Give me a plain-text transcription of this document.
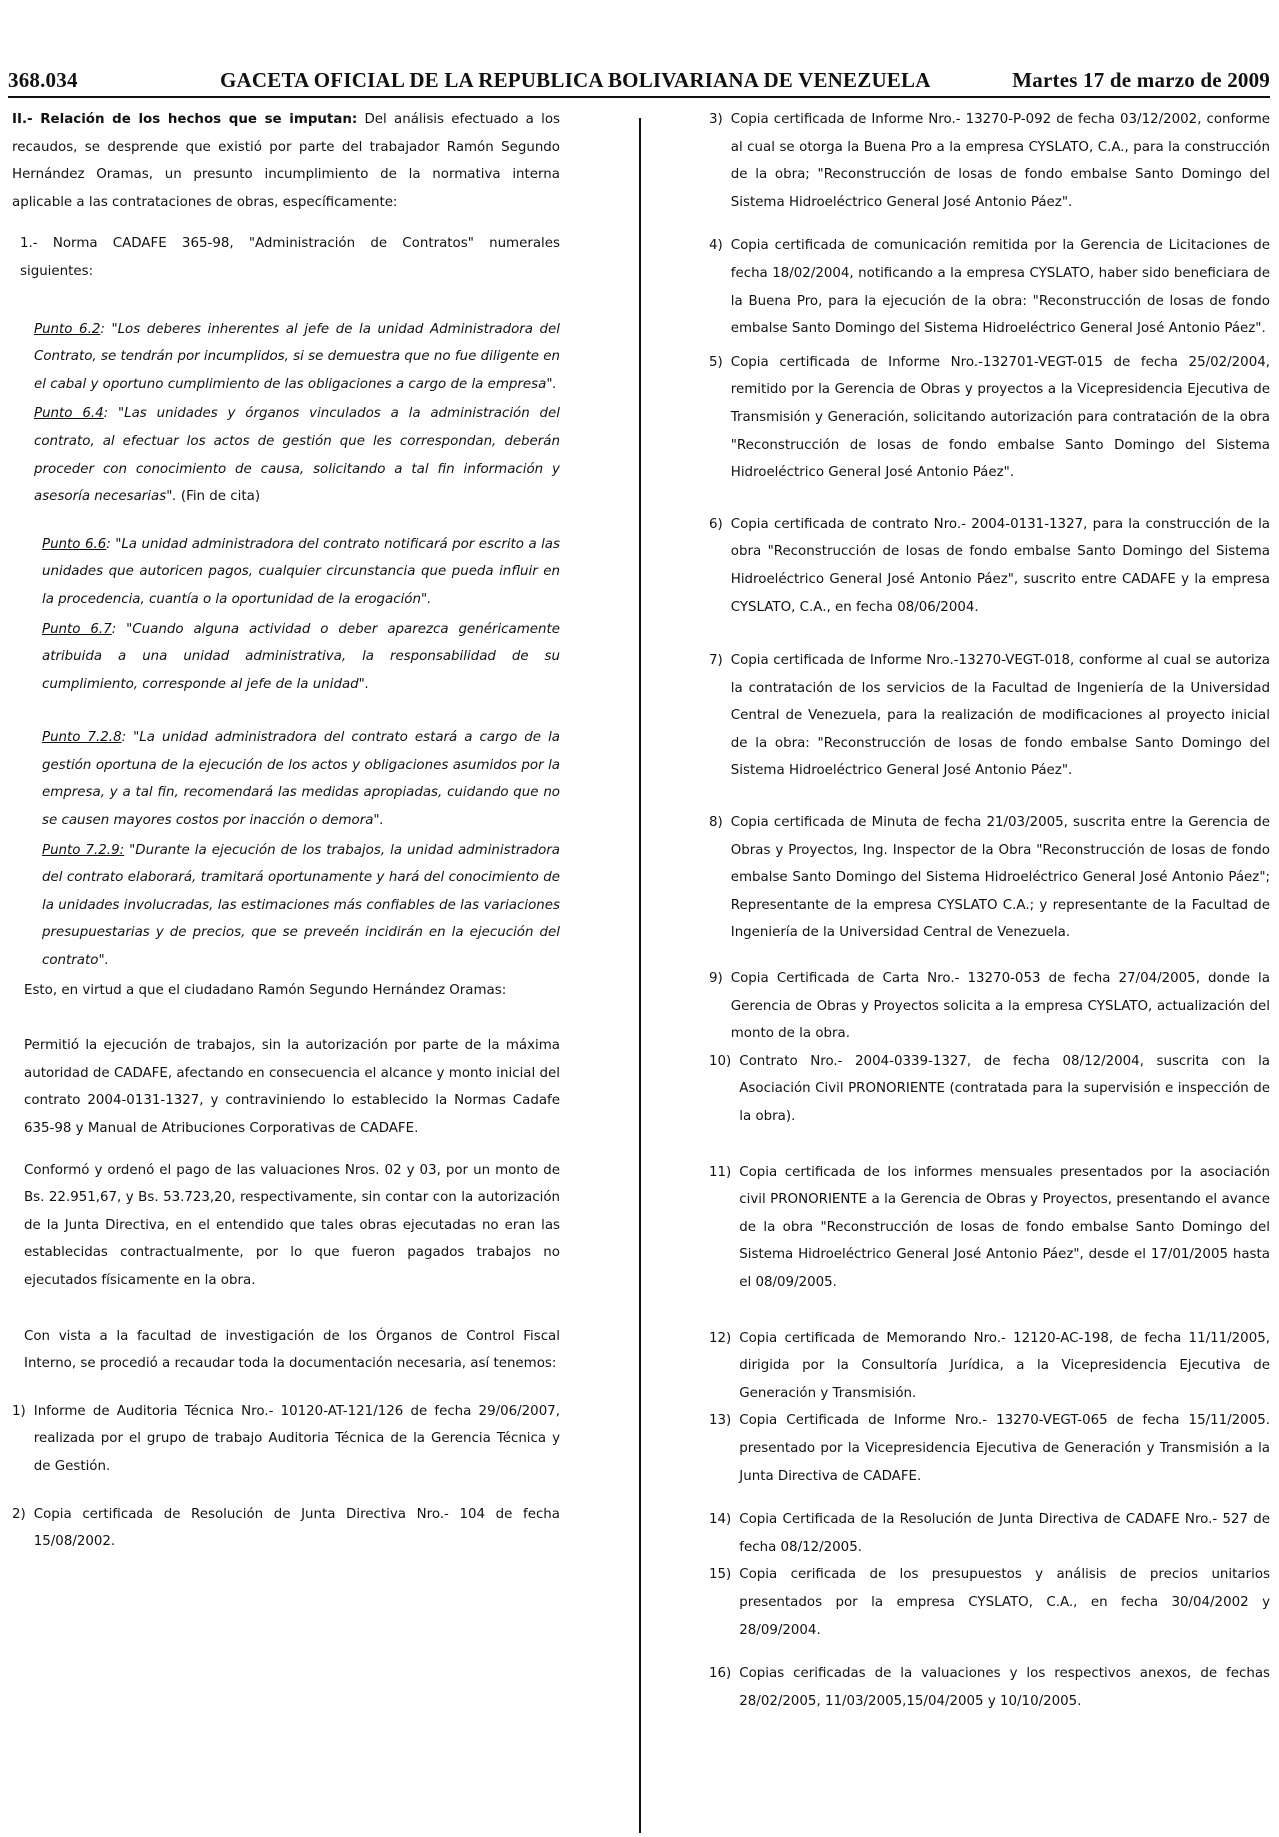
368.034	GACETA OFICIAL DE LA REPUBLICA BOLIVARIANA DE VENEZUELA	Martes 17 de marzo de 2009

II.- Relación de los hechos que se imputan: Del análisis efectuado a los recaudos, se desprende que existió por parte del trabajador Ramón Segundo Hernández Oramas, un presunto incumplimiento de la normativa interna aplicable a las contrataciones de obras, específicamente:

1.- Norma CADAFE 365-98, "Administración de Contratos" numerales siguientes:

Punto 6.2: "Los deberes inherentes al jefe de la unidad Administradora del Contrato, se tendrán por incumplidos, si se demuestra que no fue diligente en el cabal y oportuno cumplimiento de las obligaciones a cargo de la empresa".

Punto 6.4: "Las unidades y órganos vinculados a la administración del contrato, al efectuar los actos de gestión que les correspondan, deberán proceder con conocimiento de causa, solicitando a tal fin información y asesoría necesarias". (Fin de cita)

Punto 6.6: "La unidad administradora del contrato notificará por escrito a las unidades que autoricen pagos, cualquier circunstancia que pueda influir en la procedencia, cuantía o la oportunidad de la erogación".

Punto 6.7: "Cuando alguna actividad o deber aparezca genéricamente atribuida a una unidad administrativa, la responsabilidad de su cumplimiento, corresponde al jefe de la unidad".

Punto 7.2.8: "La unidad administradora del contrato estará a cargo de la gestión oportuna de la ejecución de los actos y obligaciones asumidos por la empresa, y a tal fin, recomendará las medidas apropiadas, cuidando que no se causen mayores costos por inacción o demora".

Punto 7.2.9: "Durante la ejecución de los trabajos, la unidad administradora del contrato elaborará, tramitará oportunamente y hará del conocimiento de la unidades involucradas, las estimaciones más confiables de las variaciones presupuestarias y de precios, que se preveén incidirán en la ejecución del contrato".

Esto, en virtud a que el ciudadano Ramón Segundo Hernández Oramas:

Permitió la ejecución de trabajos, sin la autorización por parte de la máxima autoridad de CADAFE, afectando en consecuencia el alcance y monto inicial del contrato 2004-0131-1327, y contraviniendo lo establecido la Normas Cadafe 635-98 y Manual de Atribuciones Corporativas de CADAFE.

Conformó y ordenó el pago de las valuaciones Nros. 02 y 03, por un monto de Bs. 22.951,67, y Bs. 53.723,20, respectivamente, sin contar con la autorización de la Junta Directiva, en el entendido que tales obras ejecutadas no eran las establecidas contractualmente, por lo que fueron pagados trabajos no ejecutados físicamente en la obra.

Con vista a la facultad de investigación de los Órganos de Control Fiscal Interno, se procedió a recaudar toda la documentación necesaria, así tenemos:

1) Informe de Auditoria Técnica Nro.- 10120-AT-121/126 de fecha 29/06/2007, realizada por el grupo de trabajo Auditoria Técnica de la Gerencia Técnica y de Gestión.
2) Copia certificada de Resolución de Junta Directiva Nro.- 104 de fecha 15/08/2002.
3) Copia certificada de Informe Nro.- 13270-P-092 de fecha 03/12/2002, conforme al cual se otorga la Buena Pro a la empresa CYSLATO, C.A., para la construcción de la obra; "Reconstrucción de losas de fondo embalse Santo Domingo del Sistema Hidroeléctrico General José Antonio Páez".
4) Copia certificada de comunicación remitida por la Gerencia de Licitaciones de fecha 18/02/2004, notificando a la empresa CYSLATO, haber sido beneficiara de la Buena Pro, para la ejecución de la obra: "Reconstrucción de losas de fondo embalse Santo Domingo del Sistema Hidroeléctrico General José Antonio Páez".
5) Copia certificada de Informe Nro.-132701-VEGT-015 de fecha 25/02/2004, remitido por la Gerencia de Obras y proyectos a la Vicepresidencia Ejecutiva de Transmisión y Generación, solicitando autorización para contratación de la obra "Reconstrucción de losas de fondo embalse Santo Domingo del Sistema Hidroeléctrico General José Antonio Páez".
6) Copia certificada de contrato Nro.- 2004-0131-1327, para la construcción de la obra "Reconstrucción de losas de fondo embalse Santo Domingo del Sistema Hidroeléctrico General José Antonio Páez", suscrito entre CADAFE y la empresa CYSLATO, C.A., en fecha 08/06/2004.
7) Copia certificada de Informe Nro.-13270-VEGT-018, conforme al cual se autoriza la contratación de los servicios de la Facultad de Ingeniería de la Universidad Central de Venezuela, para la realización de modificaciones al proyecto inicial de la obra: "Reconstrucción de losas de fondo embalse Santo Domingo del Sistema Hidroeléctrico General José Antonio Páez".
8) Copia certificada de Minuta de fecha 21/03/2005, suscrita entre la Gerencia de Obras y Proyectos, Ing. Inspector de la Obra "Reconstrucción de losas de fondo embalse Santo Domingo del Sistema Hidroeléctrico General José Antonio Páez"; Representante de la empresa CYSLATO C.A.; y representante de la Facultad de Ingeniería de la Universidad Central de Venezuela.
9) Copia Certificada de Carta Nro.- 13270-053 de fecha 27/04/2005, donde la Gerencia de Obras y Proyectos solicita a la empresa CYSLATO, actualización del monto de la obra.
10) Contrato Nro.- 2004-0339-1327, de fecha 08/12/2004, suscrita con la Asociación Civil PRONORIENTE (contratada para la supervisión e inspección de la obra).
11) Copia certificada de los informes mensuales presentados por la asociación civil PRONORIENTE a la Gerencia de Obras y Proyectos, presentando el avance de la obra "Reconstrucción de losas de fondo embalse Santo Domingo del Sistema Hidroeléctrico General José Antonio Páez", desde el 17/01/2005 hasta el 08/09/2005.
12) Copia certificada de Memorando Nro.- 12120-AC-198, de fecha 11/11/2005, dirigida por la Consultoría Jurídica, a la Vicepresidencia Ejecutiva de Generación y Transmisión.
13) Copia Certificada de Informe Nro.- 13270-VEGT-065 de fecha 15/11/2005. presentado por la Vicepresidencia Ejecutiva de Generación y Transmisión a la Junta Directiva de CADAFE.
14) Copia Certificada de la Resolución de Junta Directiva de CADAFE Nro.- 527 de fecha 08/12/2005.
15) Copia cerificada de los presupuestos y análisis de precios unitarios presentados por la empresa CYSLATO, C.A., en fecha 30/04/2002 y 28/09/2004.
16) Copias cerificadas de la valuaciones y los respectivos anexos, de fechas 28/02/2005, 11/03/2005,15/04/2005 y 10/10/2005.
